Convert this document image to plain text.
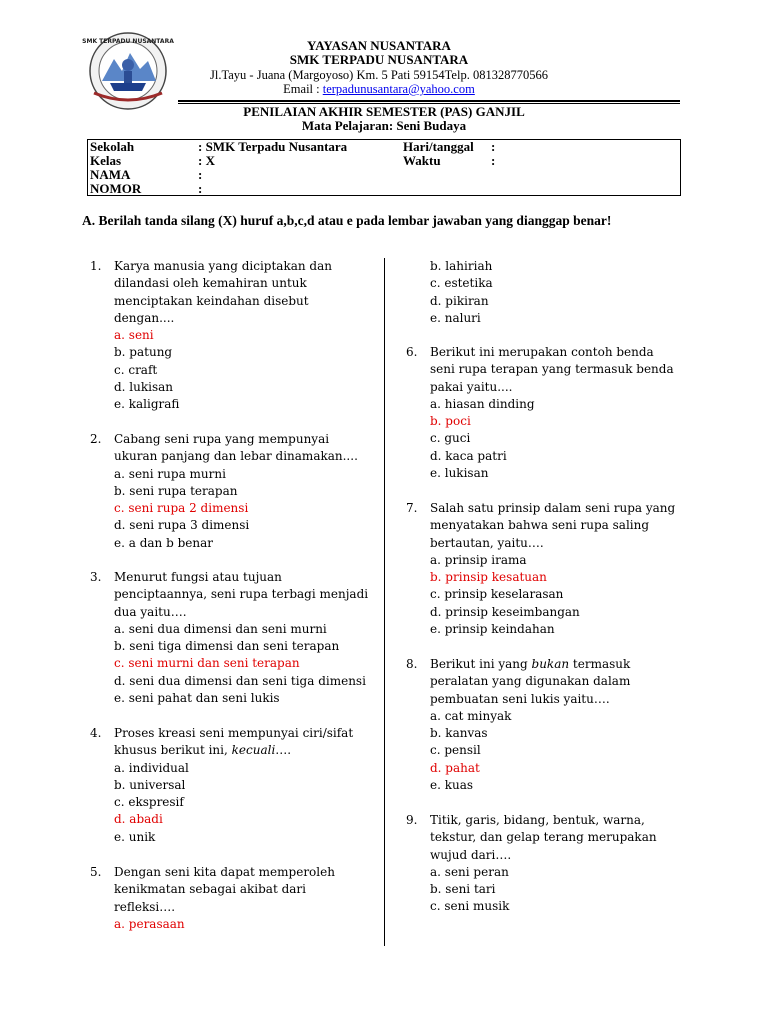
SMK TERPADU NUSANTARA	YAYASAN NUSANTARA
SMK TERPADU NUSANTARA
Jl.Tayu - Juana (Margoyoso) Km. 5 Pati 59154Telp. 081328770566
Email : terpadunusantara@yahoo.com
PENILAIAN AKHIR SEMESTER (PAS) GANJIL
Mata Pelajaran: Seni Budaya
Sekolah	: SMK Terpadu Nusantara	Hari/tanggal :
Kelas	: X	Waktu	:
NAMA	:
NOMOR	:
A. Berilah tanda silang (X) huruf a,b,c,d atau e pada lembar jawaban yang dianggap benar!
1. Karya manusia yang diciptakan dan
dilandasi oleh kemahiran untuk
menciptakan keindahan disebut
dengan....
a. seni
b. patung
c. craft
d. lukisan
e. kaligrafi
2. Cabang seni rupa yang mempunyai
ukuran panjang dan lebar dinamakan....
a. seni rupa murni
b. seni rupa terapan
c. seni rupa 2 dimensi
d. seni rupa 3 dimensi
e. a dan b benar
3. Menurut fungsi atau tujuan
penciptaannya, seni rupa terbagi menjadi
dua yaitu….
a. seni dua dimensi dan seni murni
b. seni tiga dimensi dan seni terapan
c. seni murni dan seni terapan
d. seni dua dimensi dan seni tiga dimensi
e. seni pahat dan seni lukis
4. Proses kreasi seni mempunyai ciri/sifat
khusus berikut ini, kecuali….
a. individual
b. universal
c. ekspresif
d. abadi
e. unik
5. Dengan seni kita dapat memperoleh
kenikmatan sebagai akibat dari
refleksi….
a. perasaan
b. lahiriah
c. estetika
d. pikiran
e. naluri
6. Berikut ini merupakan contoh benda
seni rupa terapan yang termasuk benda
pakai yaitu....
a. hiasan dinding
b. poci
c. guci
d. kaca patri
e. lukisan
7. Salah satu prinsip dalam seni rupa yang
menyatakan bahwa seni rupa saling
bertautan, yaitu….
a. prinsip irama
b. prinsip kesatuan
c. prinsip keselarasan
d. prinsip keseimbangan
e. prinsip keindahan
8. Berikut ini yang bukan termasuk
peralatan yang digunakan dalam
pembuatan seni lukis yaitu….
a. cat minyak
b. kanvas
c. pensil
d. pahat
e. kuas
9. Titik, garis, bidang, bentuk, warna,
tekstur, dan gelap terang merupakan
wujud dari….
a. seni peran
b. seni tari
c. seni musik
